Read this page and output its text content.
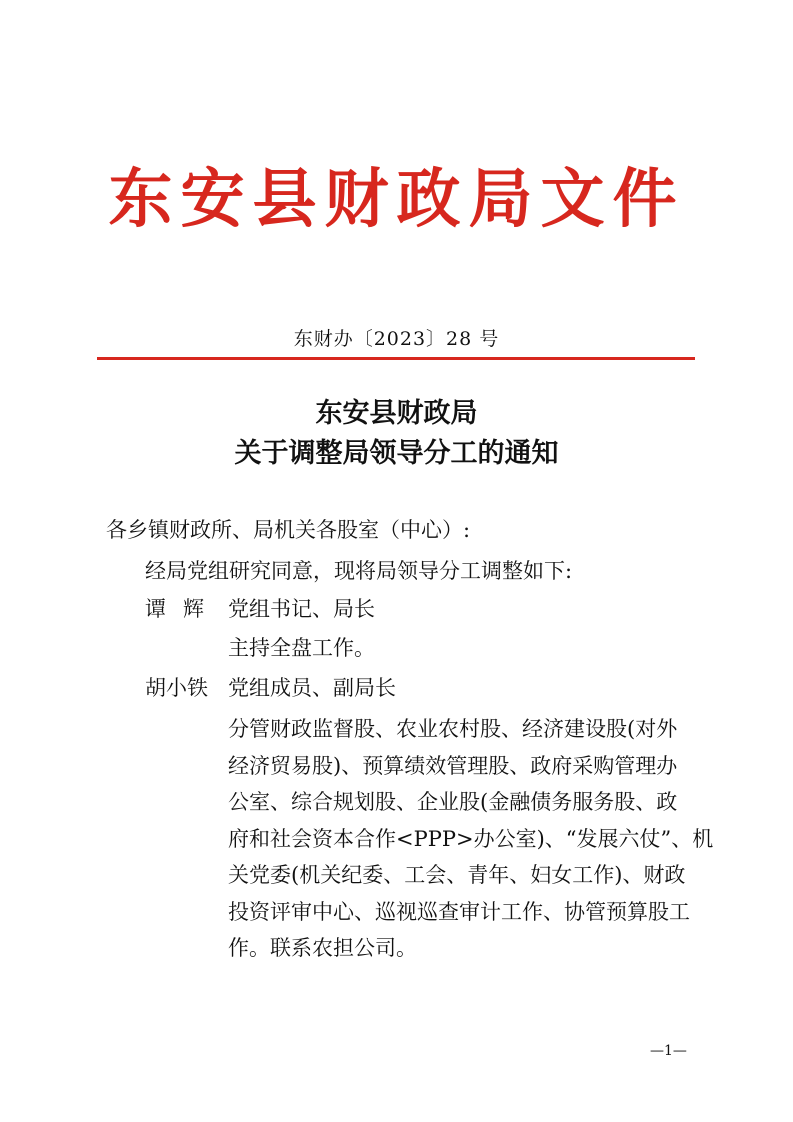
东安县财政局文件
东财办〔2023〕28 号
东安县财政局
关于调整局领导分工的通知
各乡镇财政所、局机关各股室（中心）:
经局党组研究同意，现将局领导分工调整如下:
谭辉 党组书记、局长
主持全盘工作。
胡小铁 党组成员、副局长
分管财政监督股、农业农村股、经济建设股(对外
经济贸易股)、预算绩效管理股、政府采购管理办
公室、综合规划股、企业股(金融债务服务股、政
府和社会资本合作<PPP>办公室)、“发展六仗”、机
关党委(机关纪委、工会、青年、妇女工作)、财政
投资评审中心、巡视巡查审计工作、协管预算股工
作。联系农担公司。
—1—
